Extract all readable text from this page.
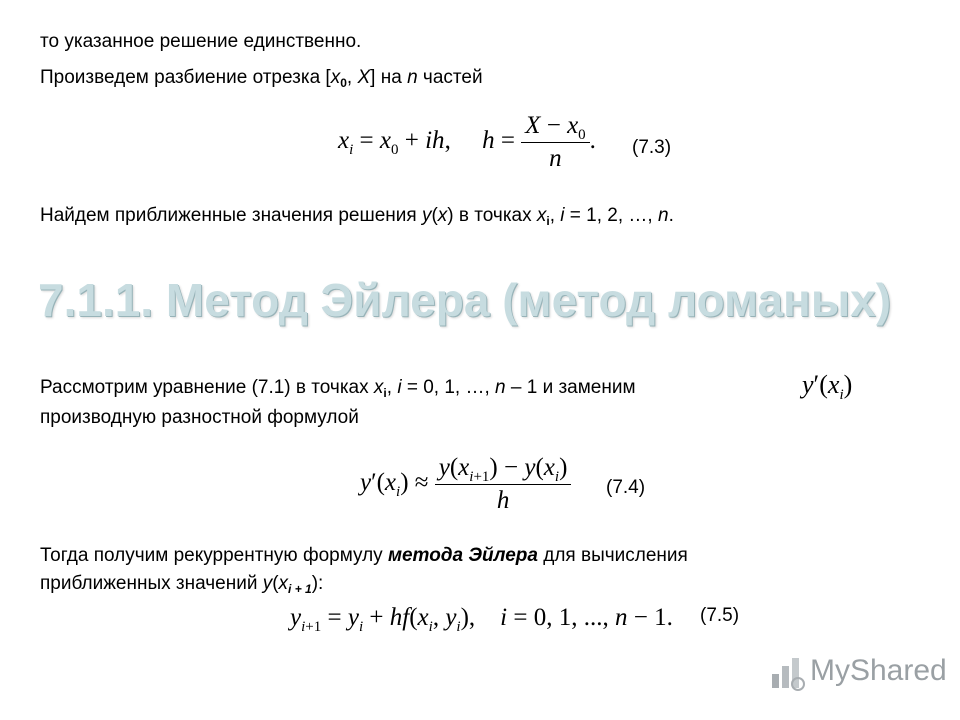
то указанное решение единственно.
Произведем разбиение отрезка [$x_0$, X] на n частей
$x_i = x_0$ + ih,     $h = \frac{X - x_0}{n}$ . (7.3)
Найдем приближенные значения решения y(x) в точках $x_i$, i = 1, 2, …, n.
7.1.1. Метод Эйлера (метод ломаных)
Рассмотрим уравнение (7.1) в точках $x_i$, i = 0, 1, …, n – 1 и заменим	$y'(x_i)$
производную разностной формулой
$y'(x_i) \approx \frac{y(x_{i+1}) - y(x_i)}{h} (7.4)$
Тогда получим рекуррентную формулу метода Эйлера для вычисления
приближенных значений $y(x_{i + 1})$:
$y_{i+1} = y_i + hf(x_i$, $y_i$),    i = 0, 1, ..., n − 1. (7.5)
MyShared
